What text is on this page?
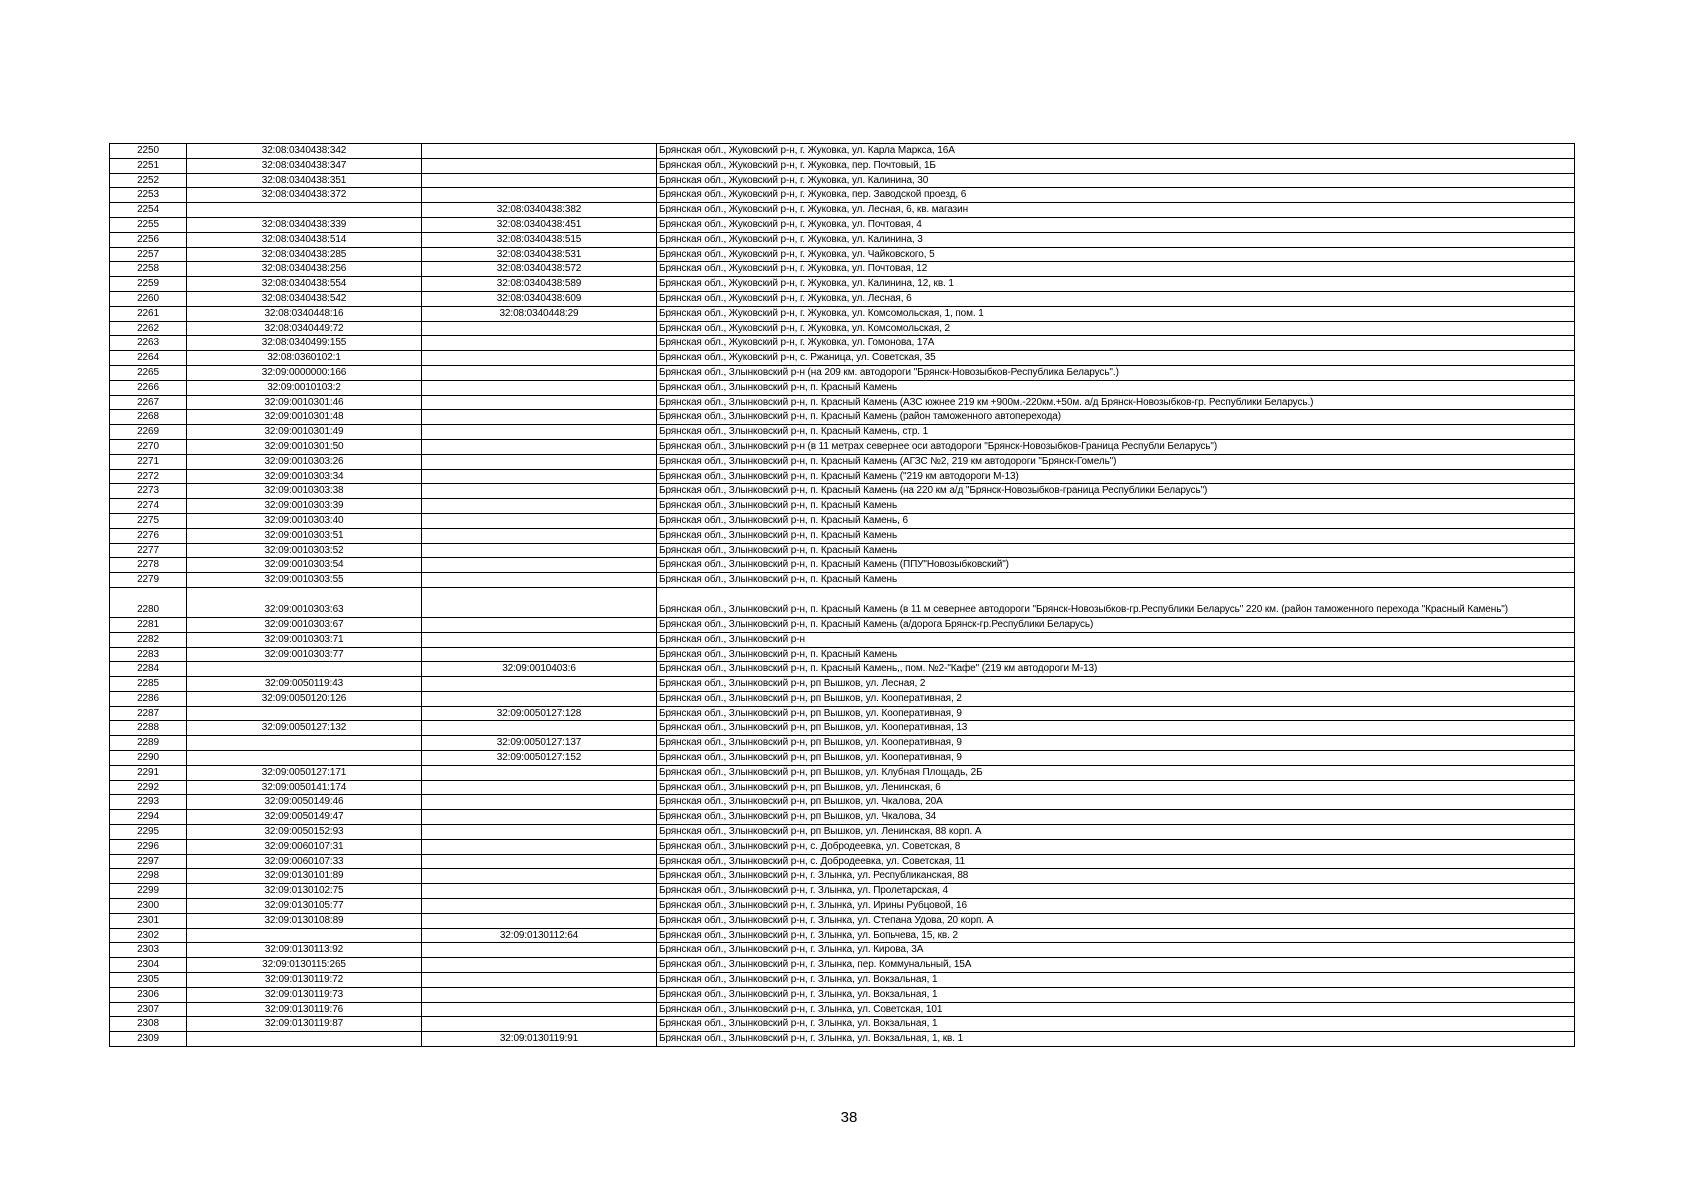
2250	32:08:0340438:342		Брянская обл., Жуковский р-н, г. Жуковка, ул. Карла Маркса, 16А
2251	32:08:0340438:347		Брянская обл., Жуковский р-н, г. Жуковка, пер. Почтовый, 1Б
2252	32:08:0340438:351		Брянская обл., Жуковский р-н, г. Жуковка, ул. Калинина, 30
2253	32:08:0340438:372		Брянская обл., Жуковский р-н, г. Жуковка, пер. Заводской проезд, 6
2254		32:08:0340438:382	Брянская обл., Жуковский р-н, г. Жуковка, ул. Лесная, 6, кв. магазин
2255	32:08:0340438:339	32:08:0340438:451	Брянская обл., Жуковский р-н, г. Жуковка, ул. Почтовая, 4
2256	32:08:0340438:514	32:08:0340438:515	Брянская обл., Жуковский р-н, г. Жуковка, ул. Калинина, 3
2257	32:08:0340438:285	32:08:0340438:531	Брянская обл., Жуковский р-н, г. Жуковка, ул. Чайковского, 5
2258	32:08:0340438:256	32:08:0340438:572	Брянская обл., Жуковский р-н, г. Жуковка, ул. Почтовая, 12
2259	32:08:0340438:554	32:08:0340438:589	Брянская обл., Жуковский р-н, г. Жуковка, ул. Калинина, 12, кв. 1
2260	32:08:0340438:542	32:08:0340438:609	Брянская обл., Жуковский р-н, г. Жуковка, ул. Лесная, 6
2261	32:08:0340448:16	32:08:0340448:29	Брянская обл., Жуковский р-н, г. Жуковка, ул. Комсомольская, 1, пом. 1
2262	32:08:0340449:72		Брянская обл., Жуковский р-н, г. Жуковка, ул. Комсомольская, 2
2263	32:08:0340499:155		Брянская обл., Жуковский р-н, г. Жуковка, ул. Гомонова, 17А
2264	32:08:0360102:1		Брянская обл., Жуковский р-н, с. Ржаница, ул. Советская, 35
2265	32:09:0000000:166		Брянская обл., Злынковский р-н (на 209 км. автодороги "Брянск-Новозыбков-Республика Беларусь".)
2266	32:09:0010103:2		Брянская обл., Злынковский р-н, п. Красный Камень
2267	32:09:0010301:46		Брянская обл., Злынковский р-н, п. Красный Камень (АЗС южнее 219 км +900м.-220км.+50м. а/д Брянск-Новозыбков-гр. Республики Беларусь.)
2268	32:09:0010301:48		Брянская обл., Злынковский р-н, п. Красный Камень (район таможенного автоперехода)
2269	32:09:0010301:49		Брянская обл., Злынковский р-н, п. Красный Камень, стр. 1
2270	32:09:0010301:50		Брянская обл., Злынковский р-н (в 11 метрах севернее оси автодороги "Брянск-Новозыбков-Граница Республи Беларусь")
2271	32:09:0010303:26		Брянская обл., Злынковский р-н, п. Красный Камень (АГЗС №2, 219 км автодороги "Брянск-Гомель")
2272	32:09:0010303:34		Брянская обл., Злынковский р-н, п. Красный Камень ("219 км автодороги М-13)
2273	32:09:0010303:38		Брянская обл., Злынковский р-н, п. Красный Камень (на 220 км а/д "Брянск-Новозыбков-граница Республики Беларусь")
2274	32:09:0010303:39		Брянская обл., Злынковский р-н, п. Красный Камень
2275	32:09:0010303:40		Брянская обл., Злынковский р-н, п. Красный Камень, 6
2276	32:09:0010303:51		Брянская обл., Злынковский р-н, п. Красный Камень
2277	32:09:0010303:52		Брянская обл., Злынковский р-н, п. Красный Камень
2278	32:09:0010303:54		Брянская обл., Злынковский р-н, п. Красный Камень (ППУ"Новозыбковский")
2279	32:09:0010303:55		Брянская обл., Злынковский р-н, п. Красный Камень
2280	32:09:0010303:63		Брянская обл., Злынковский р-н, п. Красный Камень (в 11 м севернее автодороги "Брянск-Новозыбков-гр.Республики Беларусь" 220 км. (район таможенного перехода "Красный Камень")
2281	32:09:0010303:67		Брянская обл., Злынковский р-н, п. Красный Камень (а/дорога Брянск-гр.Республики Беларусь)
2282	32:09:0010303:71		Брянская обл., Злынковский р-н
2283	32:09:0010303:77		Брянская обл., Злынковский р-н, п. Красный Камень
2284		32:09:0010403:6	Брянская обл., Злынковский р-н, п. Красный Камень,, пом. №2-"Кафе" (219 км автодороги М-13)
2285	32:09:0050119:43		Брянская обл., Злынковский р-н, рп Вышков, ул. Лесная, 2
2286	32:09:0050120:126		Брянская обл., Злынковский р-н, рп Вышков, ул. Кооперативная, 2
2287		32:09:0050127:128	Брянская обл., Злынковский р-н, рп Вышков, ул. Кооперативная, 9
2288	32:09:0050127:132		Брянская обл., Злынковский р-н, рп Вышков, ул. Кооперативная, 13
2289		32:09:0050127:137	Брянская обл., Злынковский р-н, рп Вышков, ул. Кооперативная, 9
2290		32:09:0050127:152	Брянская обл., Злынковский р-н, рп Вышков, ул. Кооперативная, 9
2291	32:09:0050127:171		Брянская обл., Злынковский р-н, рп Вышков, ул. Клубная Площадь, 2Б
2292	32:09:0050141:174		Брянская обл., Злынковский р-н, рп Вышков, ул. Ленинская, 6
2293	32:09:0050149:46		Брянская обл., Злынковский р-н, рп Вышков, ул. Чкалова, 20А
2294	32:09:0050149:47		Брянская обл., Злынковский р-н, рп Вышков, ул. Чкалова, 34
2295	32:09:0050152:93		Брянская обл., Злынковский р-н, рп Вышков, ул. Ленинская, 88 корп. А
2296	32:09:0060107:31		Брянская обл., Злынковский р-н, с. Добродеевка, ул. Советская, 8
2297	32:09:0060107:33		Брянская обл., Злынковский р-н, с. Добродеевка, ул. Советская, 11
2298	32:09:0130101:89		Брянская обл., Злынковский р-н, г. Злынка, ул. Республиканская, 88
2299	32:09:0130102:75		Брянская обл., Злынковский р-н, г. Злынка, ул. Пролетарская, 4
2300	32:09:0130105:77		Брянская обл., Злынковский р-н, г. Злынка, ул. Ирины Рубцовой, 16
2301	32:09:0130108:89		Брянская обл., Злынковский р-н, г. Злынка, ул. Степана Удова, 20 корп. А
2302		32:09:0130112:64	Брянская обл., Злынковский р-н, г. Злынка, ул. Бопьчева, 15, кв. 2
2303	32:09:0130113:92		Брянская обл., Злынковский р-н, г. Злынка, ул. Кирова, 3А
2304	32:09:0130115:265		Брянская обл., Злынковский р-н, г. Злынка, пер. Коммунальный, 15А
2305	32:09:0130119:72		Брянская обл., Злынковский р-н, г. Злынка, ул. Вокзальная, 1
2306	32:09:0130119:73		Брянская обл., Злынковский р-н, г. Злынка, ул. Вокзальная, 1
2307	32:09:0130119:76		Брянская обл., Злынковский р-н, г. Злынка, ул. Советская, 101
2308	32:09:0130119:87		Брянская обл., Злынковский р-н, г. Злынка, ул. Вокзальная, 1
2309		32:09:0130119:91	Брянская обл., Злынковский р-н, г. Злынка, ул. Вокзальная, 1, кв. 1
38
